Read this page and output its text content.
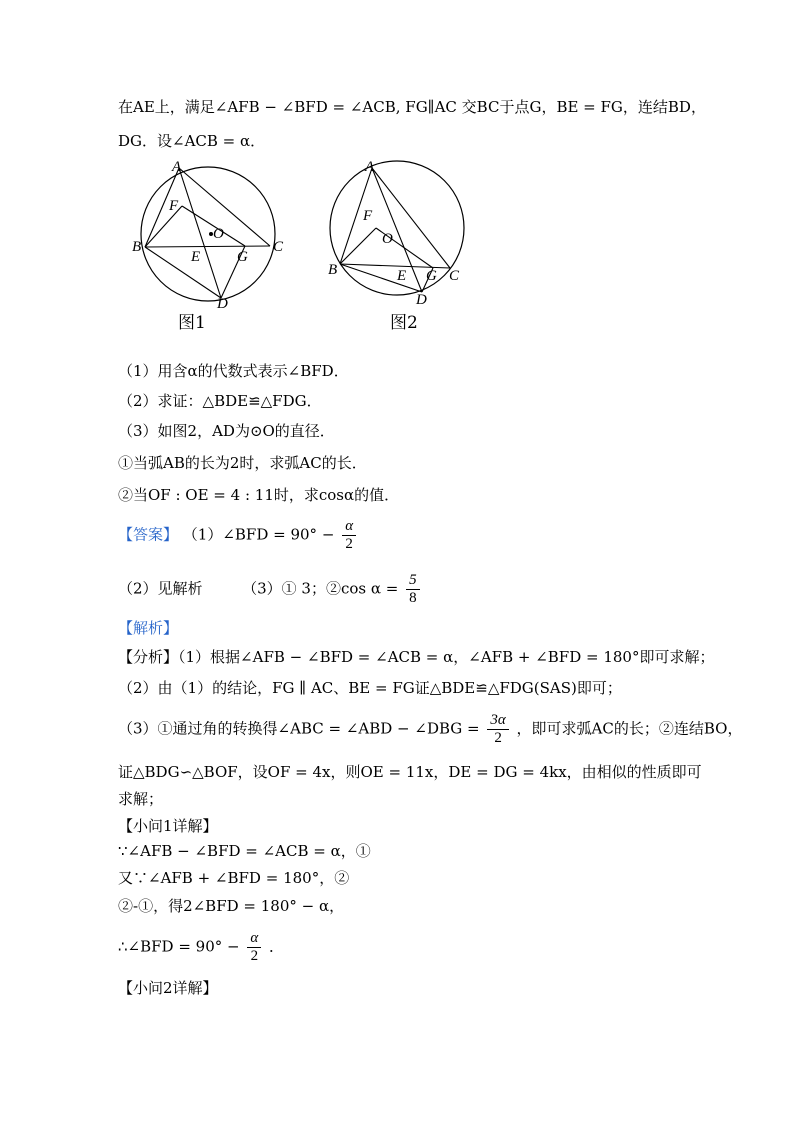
在AE上，满足∠AFB − ∠BFD = ∠ACB, FG∥AC 交BC于点G，BE = FG，连结BD，
DG．设∠ACB = α．
A
F
O
B
E G
C
D
图1
A
F
O
B	E G C
D
图2
（1）用含α的代数式表示∠BFD．
（2）求证：△BDE≌△FDG．
（3）如图2，AD为⊙O的直径．
①当弧AB的长为2时，求弧AC的长．
②当OF : OE = 4 : 11时，求cosα的值．
【答案】 （1）∠BFD = $90^\circ - \frac{\alpha}{2}$
（2）见解析	（3）① 3；②cos $\alpha = \frac{5}{8}$
【解析】
【分析】（1）根据∠AFB − ∠BFD = ∠ACB = α，∠AFB + ∠BFD = 180°即可求解；
（2）由（1）的结论，FG ∥ AC、BE = FG证△BDE≌△FDG(SAS)即可；
（3）①通过角的转换得∠ABC = ∠ABD − ∠DBG = $\frac{3\alpha}{2}$ ，即可求弧AC的长；②连结BO，
证△BDG∽△BOF，设OF = 4x，则OE = 11x，DE = DG = 4kx，由相似的性质即可
求解；
【小问1详解】
∵∠AFB − ∠BFD = ∠ACB = α，①
又∵∠AFB + ∠BFD = 180°，②
②-①，得2∠BFD = 180° − α，
∴∠BFD = $90^\circ - \frac{\alpha}{2}$ ．
【小问2详解】
